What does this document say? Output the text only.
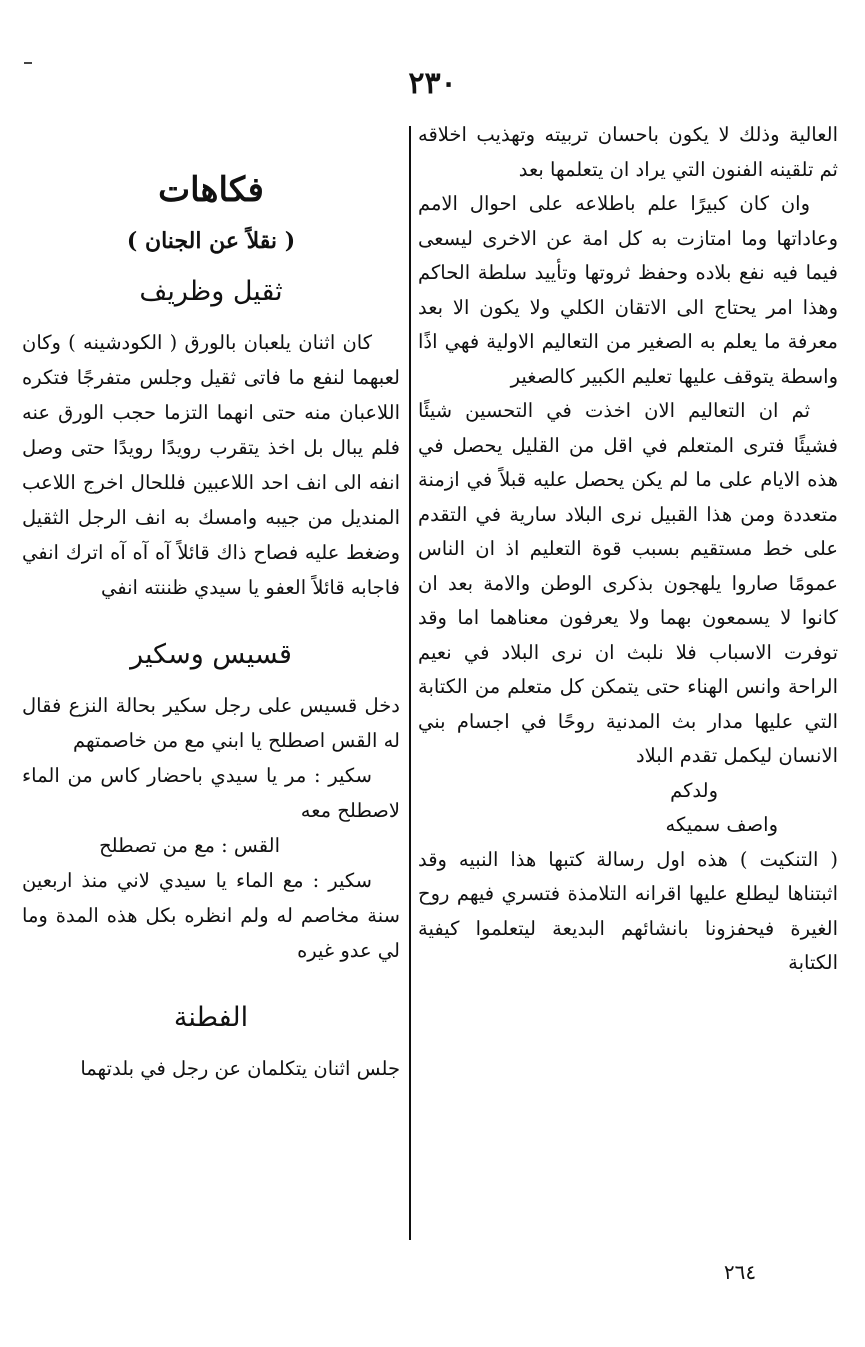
٢٣٠

العالية وذلك لا يكون باحسان تربيته وتهذيب اخلاقه ثم تلقينه الفنون التي يراد ان يتعلمها بعد

وان كان كبيرًا علم باطلاعه على احوال الامم وعاداتها وما امتازت به كل امة عن الاخرى ليسعى فيما فيه نفع بلاده وحفظ ثروتها وتأييد سلطة الحاكم وهذا امر يحتاج الى الاتقان الكلي ولا يكون الا بعد معرفة ما يعلم به الصغير من التعاليم الاولية فهي اذًا واسطة يتوقف عليها تعليم الكبير كالصغير

ثم ان التعاليم الان اخذت في التحسين شيئًا فشيئًا فترى المتعلم في اقل من القليل يحصل في هذه الايام على ما لم يكن يحصل عليه قبلاً في ازمنة متعددة ومن هذا القبيل نرى البلاد سارية في التقدم على خط مستقيم بسبب قوة التعليم اذ ان الناس عمومًا صاروا يلهجون بذكرى الوطن والامة بعد ان كانوا لا يسمعون بهما ولا يعرفون معناهما اما وقد توفرت الاسباب فلا نلبث ان نرى البلاد في نعيم الراحة وانس الهناء حتى يتمكن كل متعلم من الكتابة التي عليها مدار بث المدنية روحًا في اجسام بني الانسان ليكمل تقدم البلاد

ولدكم

واصف سميكه

( التنكيت ) هذه اول رسالة كتبها هذا النبيه وقد اثبتناها ليطلع عليها اقرانه التلامذة فتسري فيهم روح الغيرة فيحفزونا بانشائهم البديعة ليتعلموا كيفية الكتابة

فكاهات
( نقلاً عن الجنان )
ثقيل وظريف

كان اثنان يلعبان بالورق ( الكودشينه ) وكان لعبهما لنفع ما فاتى ثقيل وجلس متفرجًا فتكره اللاعبان منه حتى انهما التزما حجب الورق عنه فلم يبال بل اخذ يتقرب رويدًا رويدًا حتى وصل انفه الى انف احد اللاعبين فللحال اخرج اللاعب المنديل من جيبه وامسك به انف الرجل الثقيل وضغط عليه فصاح ذاك قائلاً آه آه آه اترك انفي فاجابه قائلاً العفو يا سيدي ظننته انفي

قسيس وسكير

دخل قسيس على رجل سكير بحالة النزع فقال له القس اصطلح يا ابني مع من خاصمتهم

سكير : مر يا سيدي باحضار كاس من الماء لاصطلح معه

القس : مع من تصطلح

سكير : مع الماء يا سيدي لاني منذ اربعين سنة مخاصم له ولم انظره بكل هذه المدة وما لي عدو غيره

الفطنة

جلس اثنان يتكلمان عن رجل في بلدتهما

٢٦٤
